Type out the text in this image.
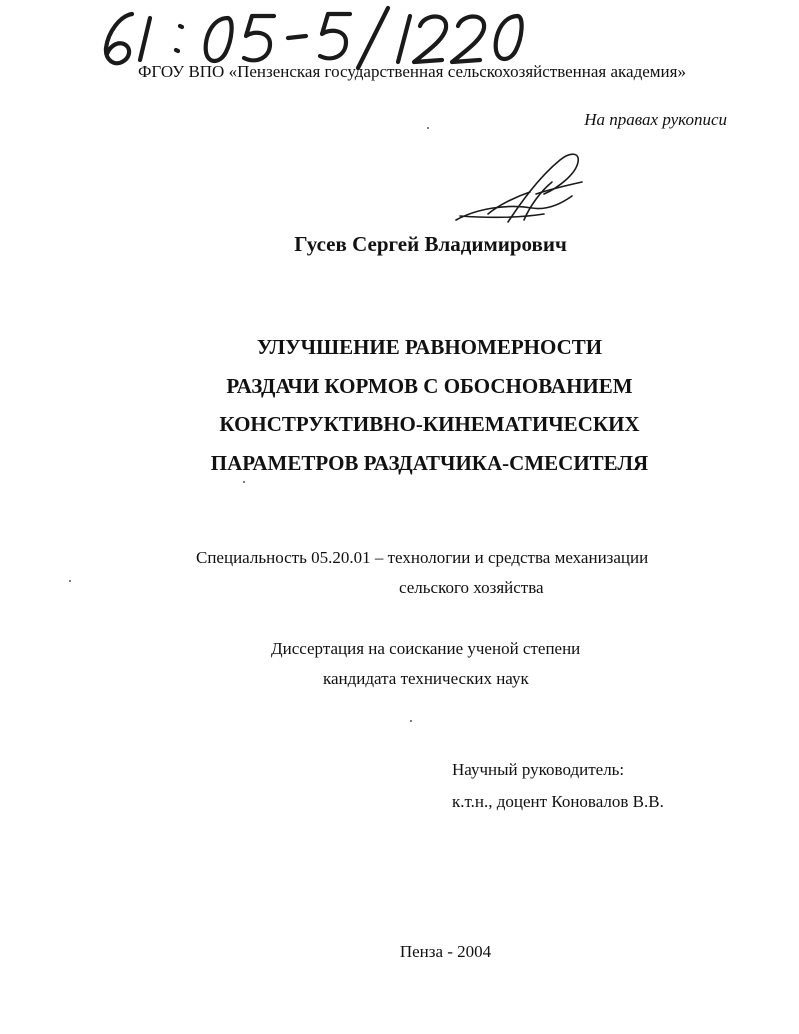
ФГОУ ВПО «Пензенская государственная сельскохозяйственная академия»
На правах рукописи
Гусев Сергей Владимирович
УЛУЧШЕНИЕ РАВНОМЕРНОСТИ
РАЗДАЧИ КОРМОВ С ОБОСНОВАНИЕМ
КОНСТРУКТИВНО-КИНЕМАТИЧЕСКИХ
ПАРАМЕТРОВ РАЗДАТЧИКА-СМЕСИТЕЛЯ
Специальность 05.20.01 – технологии и средства механизации
сельского хозяйства
Диссертация на соискание ученой степени
кандидата технических наук
Научный руководитель:
к.т.н., доцент Коновалов В.В.
Пенза - 2004
